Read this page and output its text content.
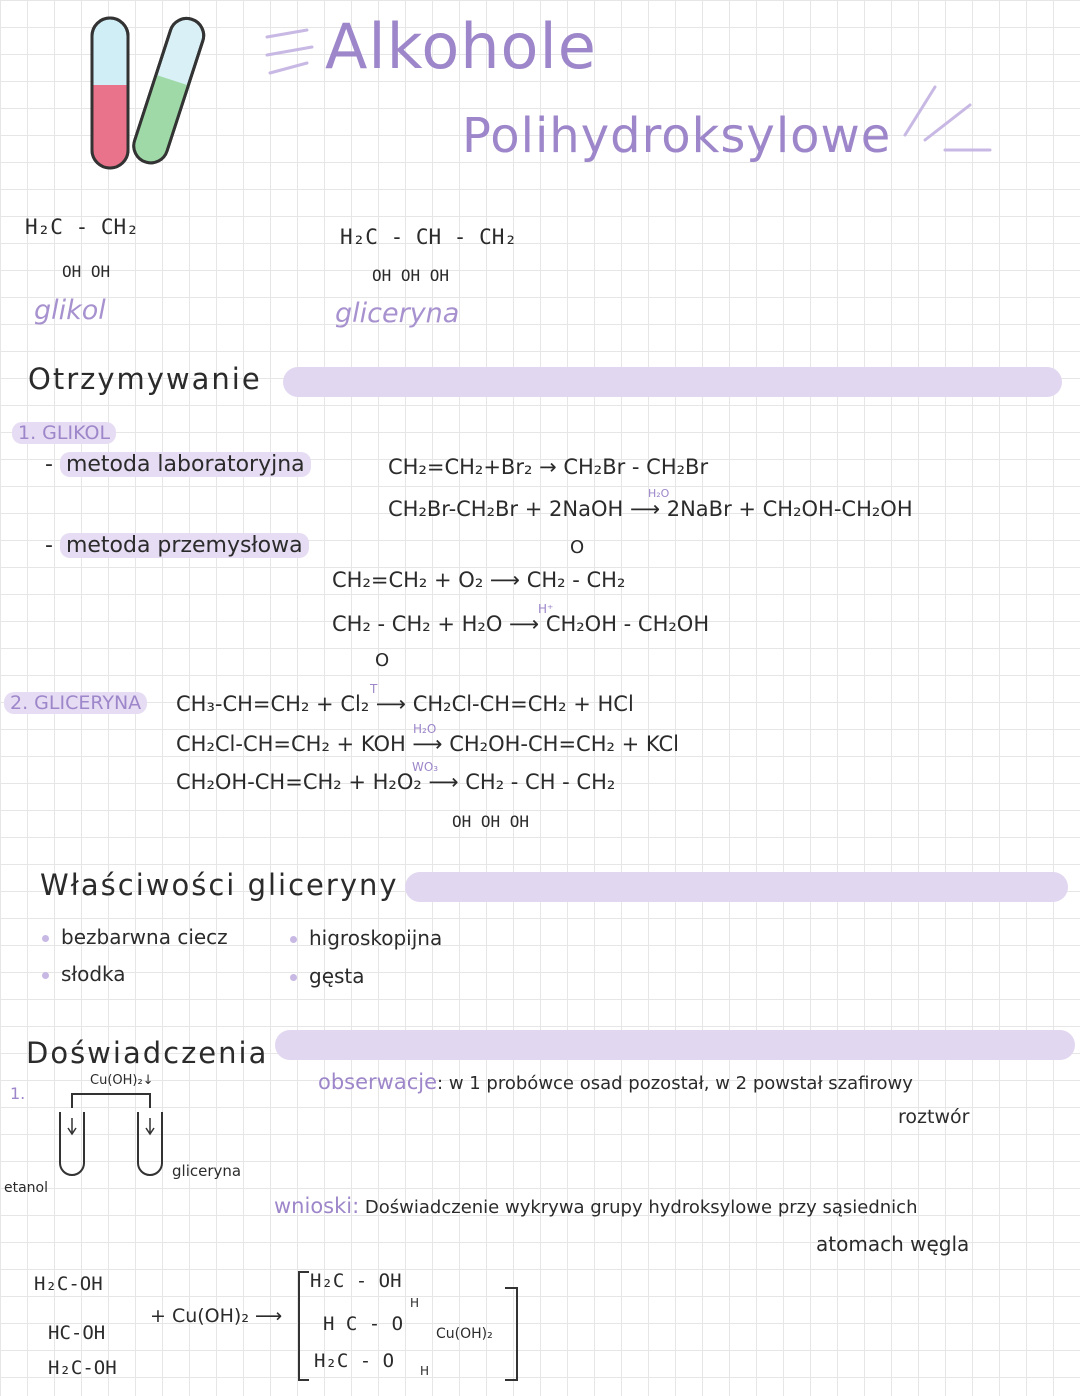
Alkohole
Polihydroksylowe
H₂C - CH₂
OH OH
glikol
H₂C - CH - CH₂
OH OH OH
gliceryna
Otrzymywanie
1. GLIKOL
- metoda laboratoryjna	CH₂=CH₂+Br₂ → CH₂Br - CH₂Br
CH₂Br-CH₂Br + 2NaOH ⟶ 2NaBr + CH₂OH-CH₂OH
H₂O
- metoda przemysłowa	O
CH₂=CH₂ + O₂ ⟶ CH₂ - CH₂
CH₂ - CH₂ + H₂O ⟶ CH₂OH - CH₂OH
H⁺
O
2. GLICERYNA CH₃-CH=CH₂ + Cl₂ ⟶ CH₂Cl-CH=CH₂ + HCl
T
CH₂Cl-CH=CH₂ + KOH ⟶ CH₂OH-CH=CH₂ + KCl
H₂O
CH₂OH-CH=CH₂ + H₂O₂ ⟶ CH₂ - CH - CH₂
WO₃
OH OH OH
Właściwości gliceryny
bezbarwna ciecz
słodka
higroskopijna
gęsta
Doświadczenia
1.
Cu(OH)₂↓
etanol
gliceryna
obserwacje: w 1 probówce osad pozostał, w 2 powstał szafirowy
roztwór
wnioski: Doświadczenie wykrywa grupy hydroksylowe przy sąsiednich
atomach węgla
H₂C-OH
HC-OH
H₂C-OH
+ Cu(OH)₂ ⟶
H₂C - OH
H C - O
H₂C - O
H
H
Cu(OH)₂
